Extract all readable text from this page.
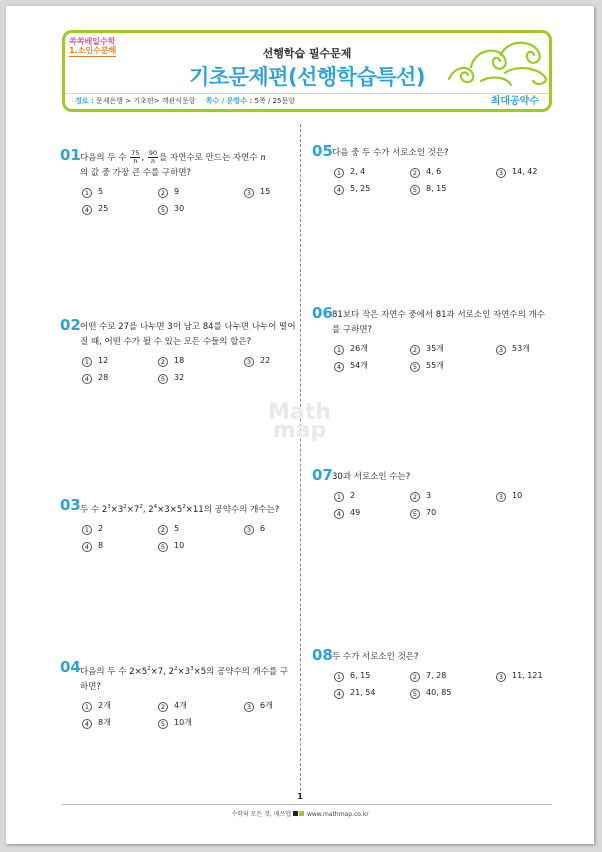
쏙쏙배일수학
1.소인수분해	선행학습 필수문제
기초문제편(선행학습특선)
경로 : 문제은행 > 기초편> 객관식문항 쪽수 / 문항수 : 5쪽 / 25문항	최대공약수
Math
map
01 다음의 두 수 $\frac{75}{n}$ , $\frac{90}{n}$ 을 자연수로 만드는 자연수 n
의 값 중 가장 큰 수를 구하면?
1 5	2 9	3 15
4 25	5 30
02 어떤 수로 27을 나누면 3이 남고 84를 나누면 나누어 떨어질 때, 어떤 수가 될 수 있는 모든 수들의 합은?
1 12	2 18	3 22
4 28	5 32
03 두 수 $2^3\times 3^2\times 7^2$, $2^4\times 3\times 5^2\times 11$의 공약수의 개수는?
1 2	2 5	3 6
4 8	5 10
04 다음의 두 수 $2\times 5^2\times 7$, $2^2\times 3^3\times 5$의 공약수의 개수를 구하면?
1 2개	2 4개	3 6개
4 8개	5 10개
05 다음 중 두 수가 서로소인 것은?
1 2, 4	2 4, 6	3 14, 42
4 5, 25	5 8, 15
06 81보다 작은 자연수 중에서 81과 서로소인 자연수의 개수를 구하면?
1 26개	2 35개	3 53개
4 54개	5 55개
07 30과 서로소인 수는?
1 2	2 3	3 10
4 49	5 70
08 두 수가 서로소인 것은?
1 6, 15	2 7, 28	3 11, 121
4 21, 54	5 40, 85
1
수학의 모든 것, 매쓰맵	www.mathmap.co.kr
